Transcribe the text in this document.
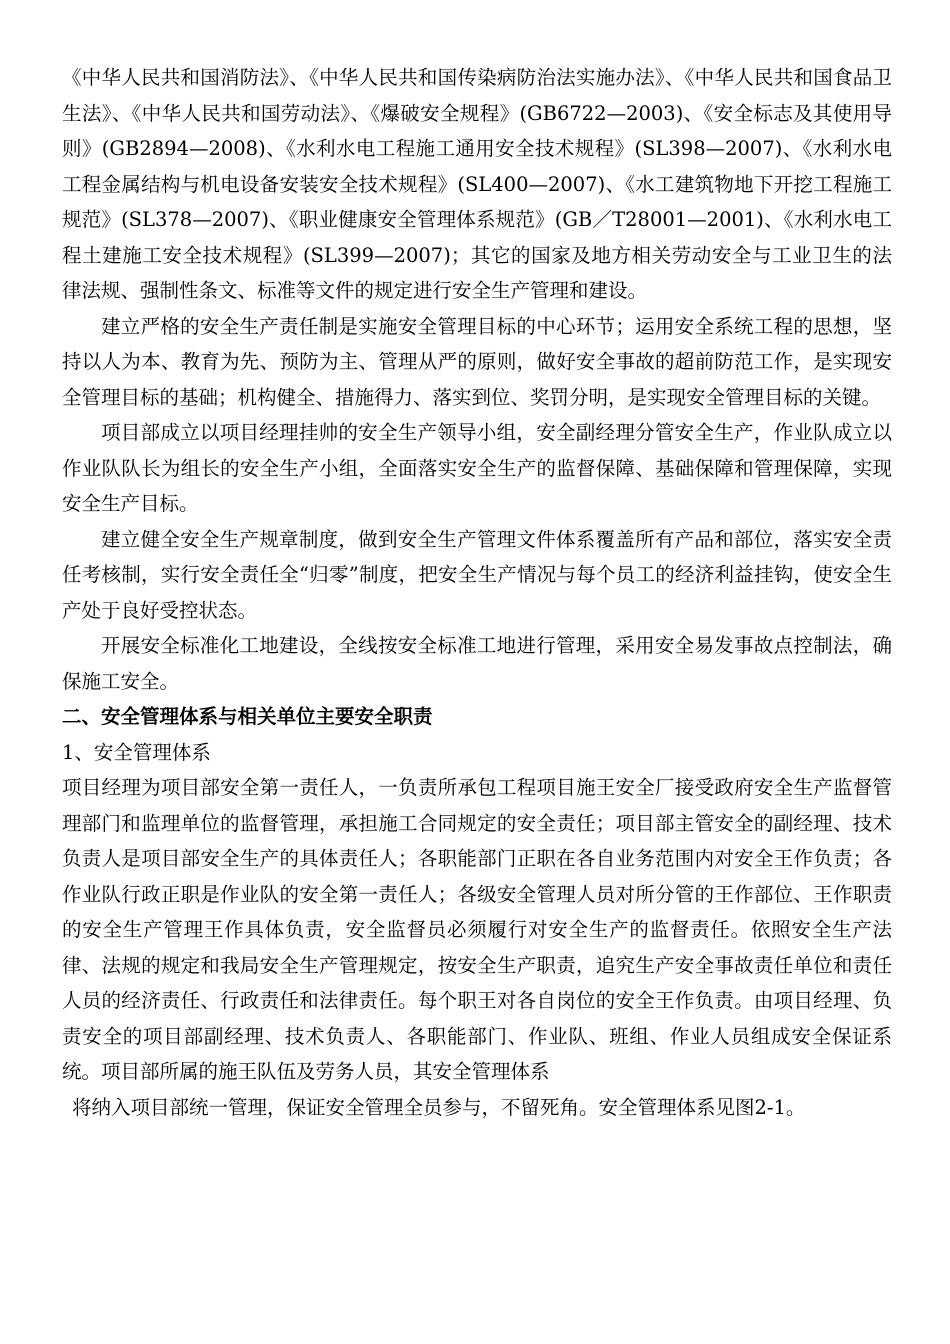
《中华人民共和国消防法》、《中华人民共和国传染病防治法实施办法》、《中华人民共和国食品卫生法》、《中华人民共和国劳动法》、《爆破安全规程》(GB6722—2003)、《安全标志及其使用导则》(GB2894—2008)、《水利水电工程施工通用安全技术规程》(SL398—2007)、《水利水电工程金属结构与机电设备安装安全技术规程》(SL400—2007)、《水工建筑物地下开挖工程施工规范》(SL378—2007)、《职业健康安全管理体系规范》(GB／T28001—2001)、《水利水电工程土建施工安全技术规程》(SL399—2007)；其它的国家及地方相关劳动安全与工业卫生的法律法规、强制性条文、标准等文件的规定进行安全生产管理和建设。

建立严格的安全生产责任制是实施安全管理目标的中心环节；运用安全系统工程的思想，坚持以人为本、教育为先、预防为主、管理从严的原则，做好安全事故的超前防范工作，是实现安全管理目标的基础；机构健全、措施得力、落实到位、奖罚分明，是实现安全管理目标的关键。

项目部成立以项目经理挂帅的安全生产领导小组，安全副经理分管安全生产，作业队成立以作业队队长为组长的安全生产小组，全面落实安全生产的监督保障、基础保障和管理保障，实现安全生产目标。

建立健全安全生产规章制度，做到安全生产管理文件体系覆盖所有产品和部位，落实安全责任考核制，实行安全责任全“归零”制度，把安全生产情况与每个员工的经济利益挂钩，使安全生产处于良好受控状态。

开展安全标准化工地建设，全线按安全标准工地进行管理，采用安全易发事故点控制法，确保施工安全。

二、安全管理体系与相关单位主要安全职责

1、安全管理体系

项目经理为项目部安全第一责任人，一负责所承包工程项目施王安全厂接受政府安全生产监督管理部门和监理单位的监督管理，承担施工合同规定的安全责任；项目部主管安全的副经理、技术负责人是项目部安全生产的具体责任人；各职能部门正职在各自业务范围内对安全王作负责；各作业队行政正职是作业队的安全第一责任人；各级安全管理人员对所分管的王作部位、王作职责的安全生产管理王作具体负责，安全监督员必须履行对安全生产的监督责任。依照安全生产法律、法规的规定和我局安全生产管理规定，按安全生产职责，追究生产安全事故责任单位和责任人员的经济责任、行政责任和法律责任。每个职王对各自岗位的安全王作负责。由项目经理、负责安全的项目部副经理、技术负责人、各职能部门、作业队、班组、作业人员组成安全保证系统。项目部所属的施王队伍及劳务人员，其安全管理体系

将纳入项目部统一管理，保证安全管理全员参与，不留死角。安全管理体系见图2-1。
